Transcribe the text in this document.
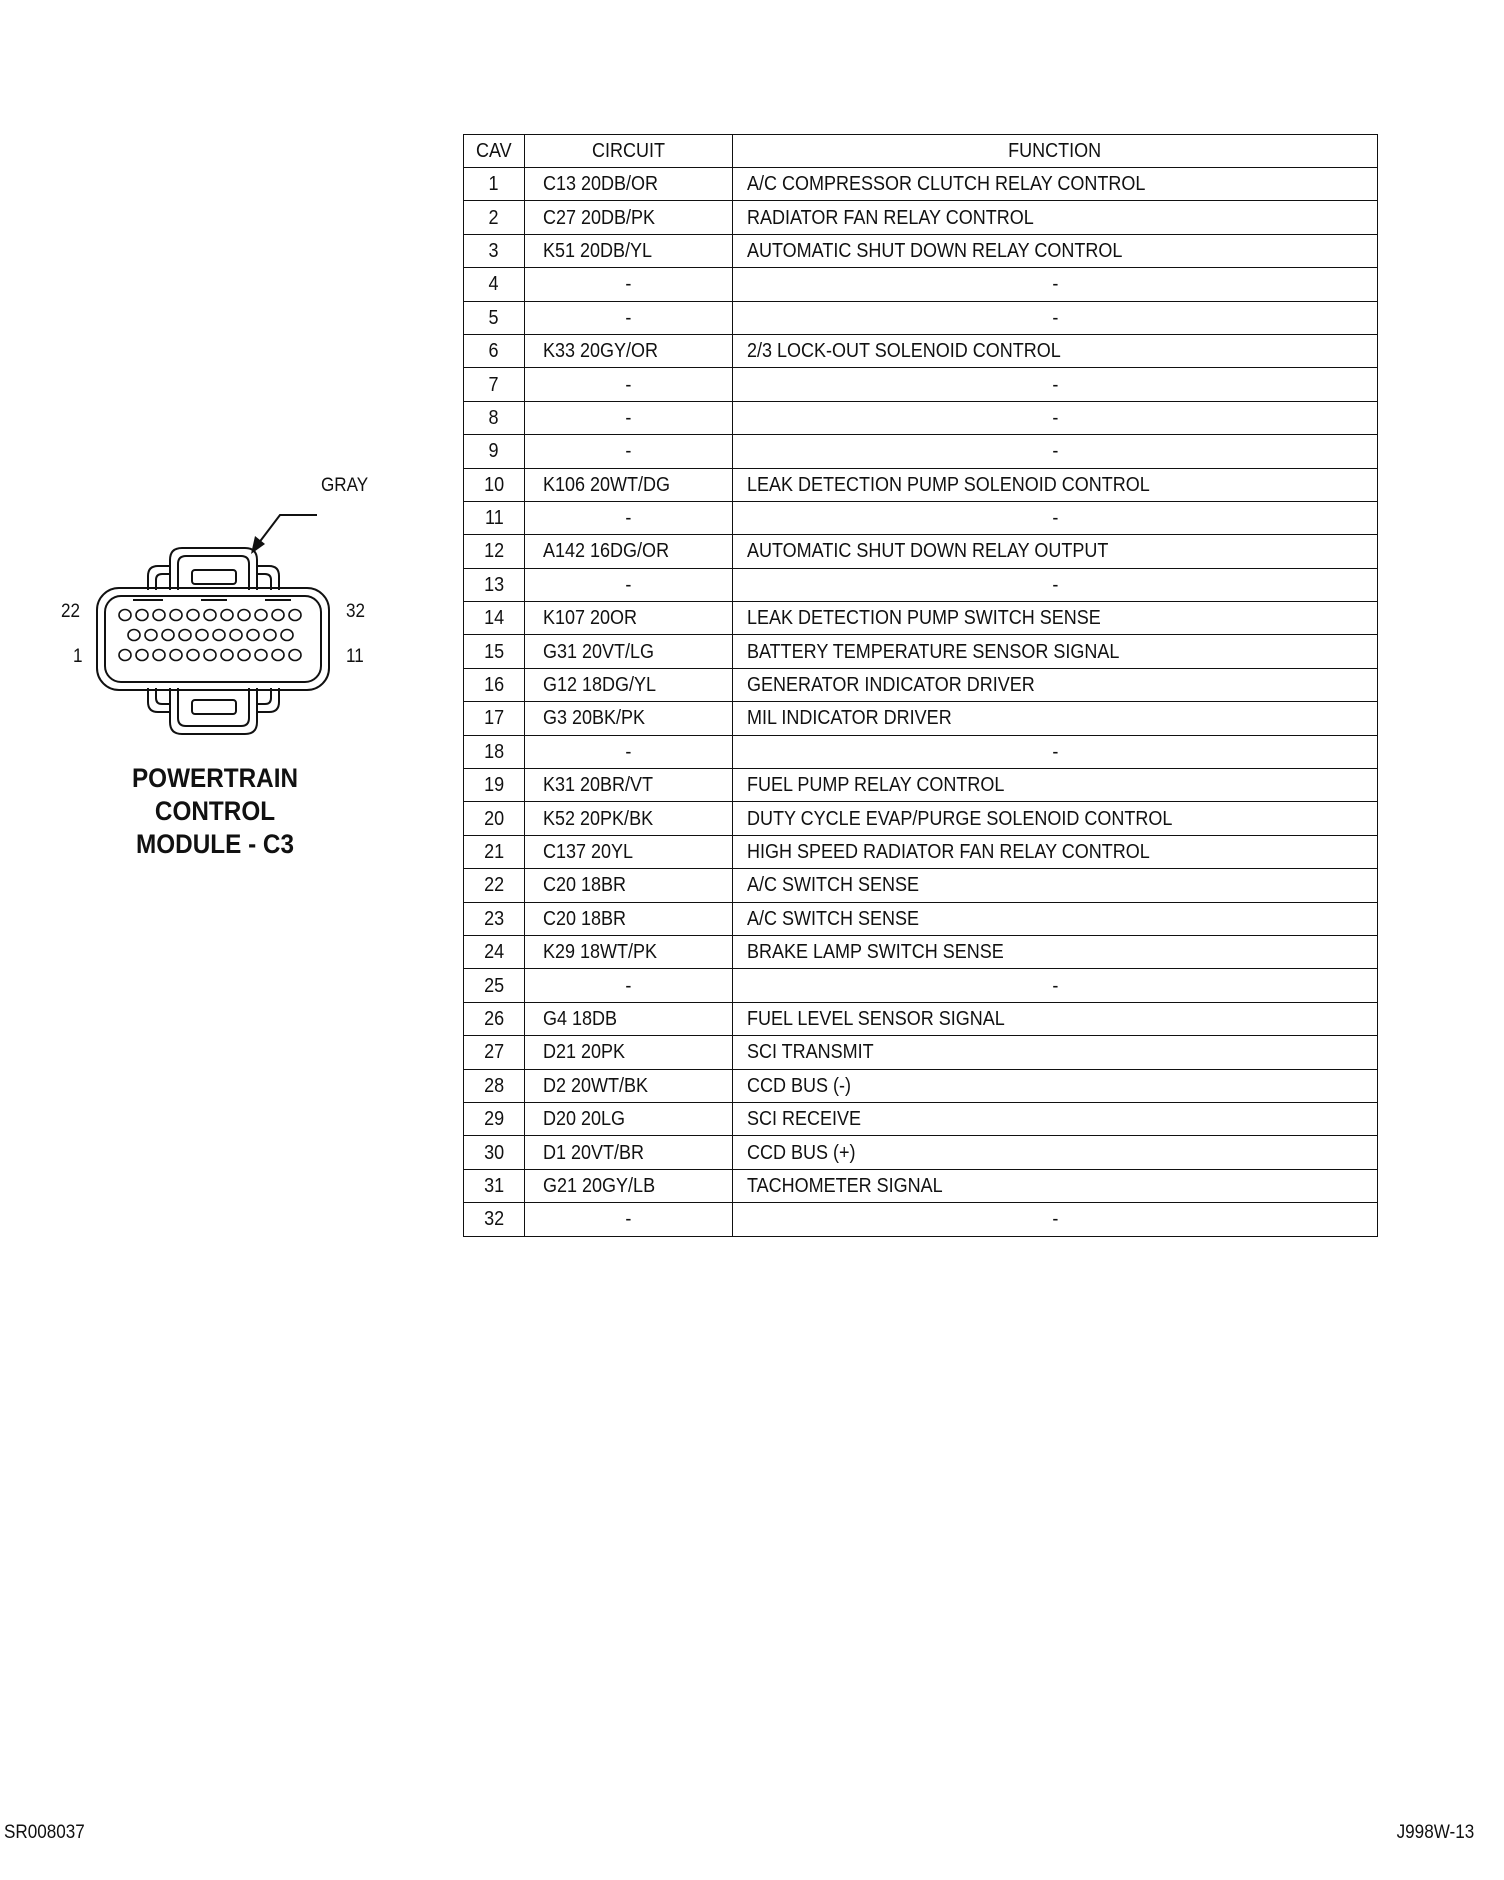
GRAY
22
1
32
11
POWERTRAIN
CONTROL
MODULE - C3
CAV	CIRCUIT	FUNCTION
1	C13 20DB/OR	A/C COMPRESSOR CLUTCH RELAY CONTROL
2	C27 20DB/PK	RADIATOR FAN RELAY CONTROL
3	K51 20DB/YL	AUTOMATIC SHUT DOWN RELAY CONTROL
4	-	-
5	-	-
6	K33 20GY/OR	2/3 LOCK-OUT SOLENOID CONTROL
7	-	-
8	-	-
9	-	-
10	K106 20WT/DG	LEAK DETECTION PUMP SOLENOID CONTROL
11	-	-
12	A142 16DG/OR	AUTOMATIC SHUT DOWN RELAY OUTPUT
13	-	-
14	K107 20OR	LEAK DETECTION PUMP SWITCH SENSE
15	G31 20VT/LG	BATTERY TEMPERATURE SENSOR SIGNAL
16	G12 18DG/YL	GENERATOR INDICATOR DRIVER
17	G3 20BK/PK	MIL INDICATOR DRIVER
18	-	-
19	K31 20BR/VT	FUEL PUMP RELAY CONTROL
20	K52 20PK/BK	DUTY CYCLE EVAP/PURGE SOLENOID CONTROL
21	C137 20YL	HIGH SPEED RADIATOR FAN RELAY CONTROL
22	C20 18BR	A/C SWITCH SENSE
23	C20 18BR	A/C SWITCH SENSE
24	K29 18WT/PK	BRAKE LAMP SWITCH SENSE
25	-	-
26	G4 18DB	FUEL LEVEL SENSOR SIGNAL
27	D21 20PK	SCI TRANSMIT
28	D2 20WT/BK	CCD BUS (-)
29	D20 20LG	SCI RECEIVE
30	D1 20VT/BR	CCD BUS (+)
31	G21 20GY/LB	TACHOMETER SIGNAL
32	-	-
SR008037	J998W-13
